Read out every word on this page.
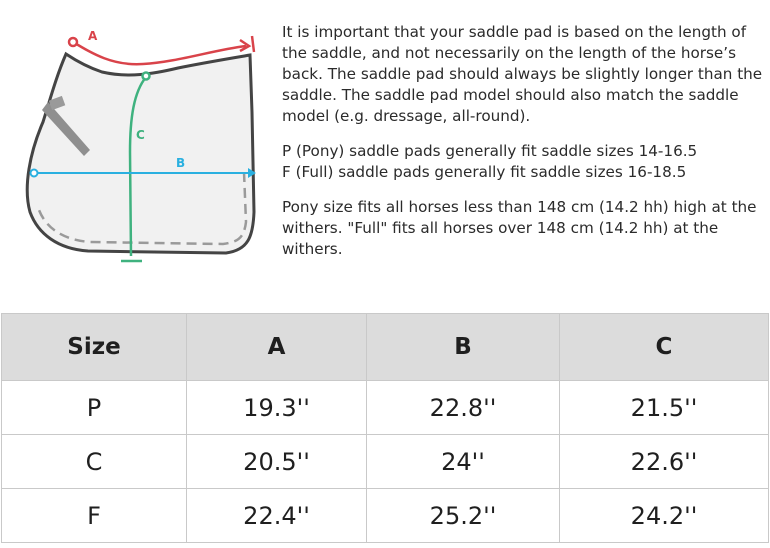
A
C
B

It is important that your saddle pad is based on the length of the saddle, and not necessarily on the length of the horse’s back. The saddle pad should always be slightly longer than the saddle. The saddle pad model should also match the saddle model (e.g. dressage, all-round).

P (Pony) saddle pads generally fit saddle sizes 14-16.5

F (Full) saddle pads generally fit saddle sizes 16-18.5

Pony size fits all horses less than 148 cm (14.2 hh) high at the withers. "Full" fits all horses over 148 cm (14.2 hh) at the withers.

Size	A	B	C
P	19.3''	22.8''	21.5''
C	20.5''	24''	22.6''
F	22.4''	25.2''	24.2''
